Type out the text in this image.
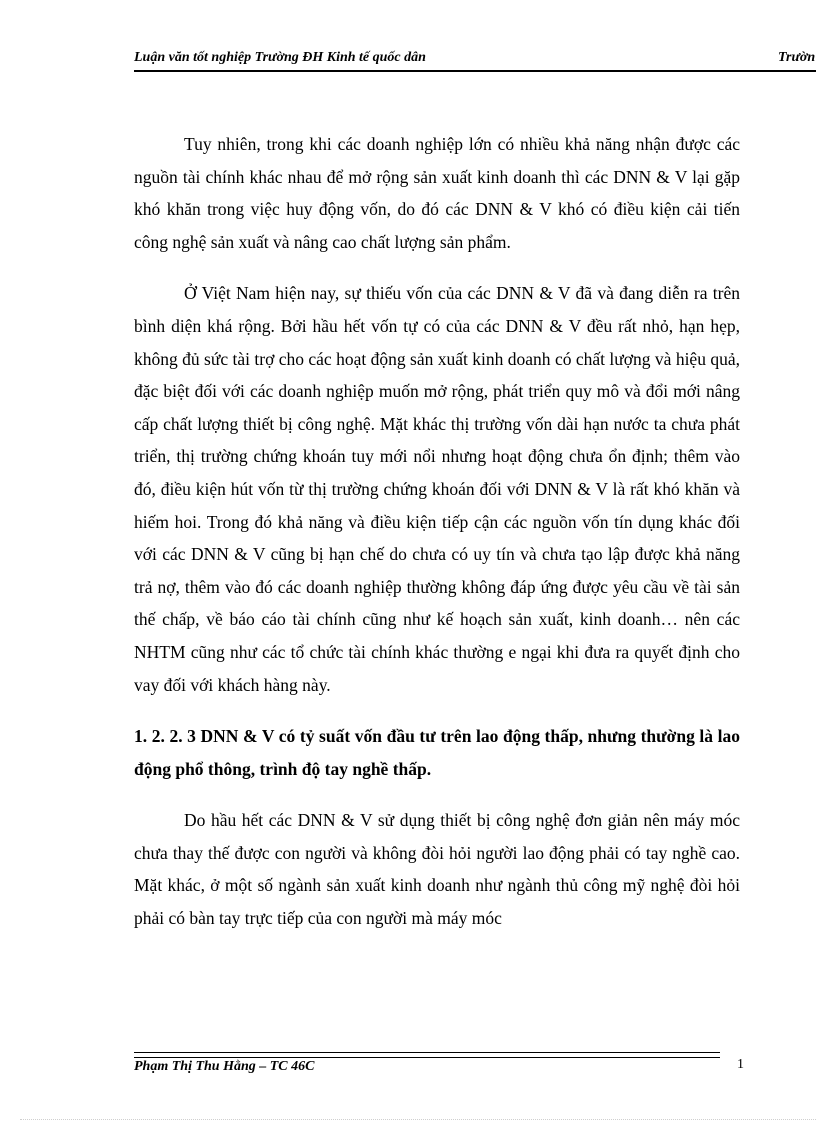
Luận văn tốt nghiệp Trường ĐH Kinh tế quốc dân	Trườn

Tuy nhiên, trong khi các doanh nghiệp lớn có nhiều khả năng nhận được các nguồn tài chính khác nhau để mở rộng sản xuất kinh doanh thì các DNN & V lại gặp khó khăn trong việc huy động vốn, do đó các DNN & V khó có điều kiện cải tiến công nghệ sản xuất và nâng cao chất lượng sản phẩm.

Ở Việt Nam hiện nay, sự thiếu vốn của các DNN & V đã và đang diễn ra trên bình diện khá rộng. Bởi hầu hết vốn tự có của các DNN & V đều rất nhỏ, hạn hẹp, không đủ sức tài trợ cho các hoạt động sản xuất kinh doanh có chất lượng và hiệu quả, đặc biệt đối với các doanh nghiệp muốn mở rộng, phát triển quy mô và đổi mới nâng cấp chất lượng thiết bị công nghệ. Mặt khác thị trường vốn dài hạn nước ta chưa phát triển, thị trường chứng khoán tuy mới nổi nhưng hoạt động chưa ổn định; thêm vào đó, điều kiện hút vốn từ thị trường chứng khoán đối với DNN & V là rất khó khăn và hiếm hoi. Trong đó khả năng và điều kiện tiếp cận các nguồn vốn tín dụng khác đối với các DNN & V cũng bị hạn chế do chưa có uy tín và chưa tạo lập được khả năng trả nợ, thêm vào đó các doanh nghiệp thường không đáp ứng được yêu cầu về tài sản thế chấp, về báo cáo tài chính cũng như kế hoạch sản xuất, kinh doanh… nên các NHTM cũng như các tổ chức tài chính khác thường e ngại khi đưa ra quyết định cho vay đối với khách hàng này.

1. 2. 2. 3 DNN & V có tỷ suất vốn đầu tư trên lao động thấp, nhưng thường là lao động phổ thông, trình độ tay nghề thấp.

Do hầu hết các DNN & V sử dụng thiết bị công nghệ đơn giản nên máy móc chưa thay thế được con người và không đòi hỏi người lao động phải có tay nghề cao. Mặt khác, ở một số ngành sản xuất kinh doanh như ngành thủ công mỹ nghệ đòi hỏi phải có bàn tay trực tiếp của con người mà máy móc

Phạm Thị Thu Hằng – TC 46C	1
